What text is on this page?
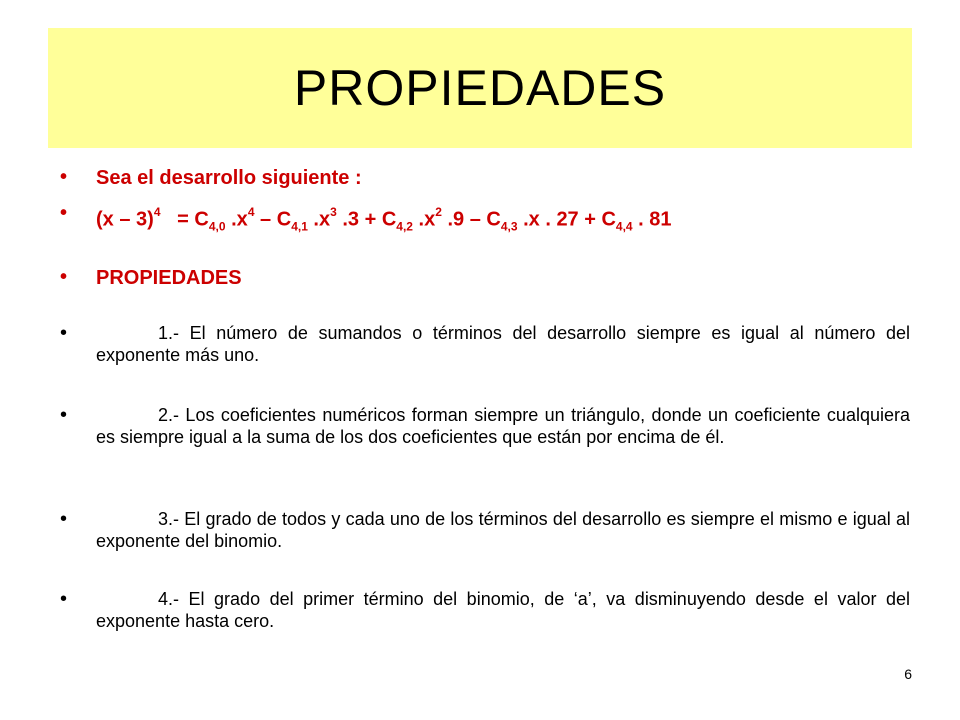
PROPIEDADES
•	Sea el desarrollo siguiente :
•	$(x - 3)^4 = C_{4,0}$ $.x^4 - C_{4,1}$ $.x^3$ $.3 + C_{4,2}$ $.x^2$ $.9 - C_{4,3}$ .x . $27 + C_{4,4}$ . 81
•	PROPIEDADES
•	1.- El número de sumandos o términos del desarrollo siempre es igual al número del exponente más uno.
•	2.- Los coeficientes numéricos forman siempre un triángulo, donde un coeficiente cualquiera es siempre igual a la suma de los dos coeficientes que están por encima de él.
•	3.- El grado de todos y cada uno de los términos del desarrollo es siempre el mismo e igual al exponente del binomio.
•	4.- El grado del primer término del binomio, de ‘a’, va disminuyendo desde el valor del exponente hasta cero.
6
